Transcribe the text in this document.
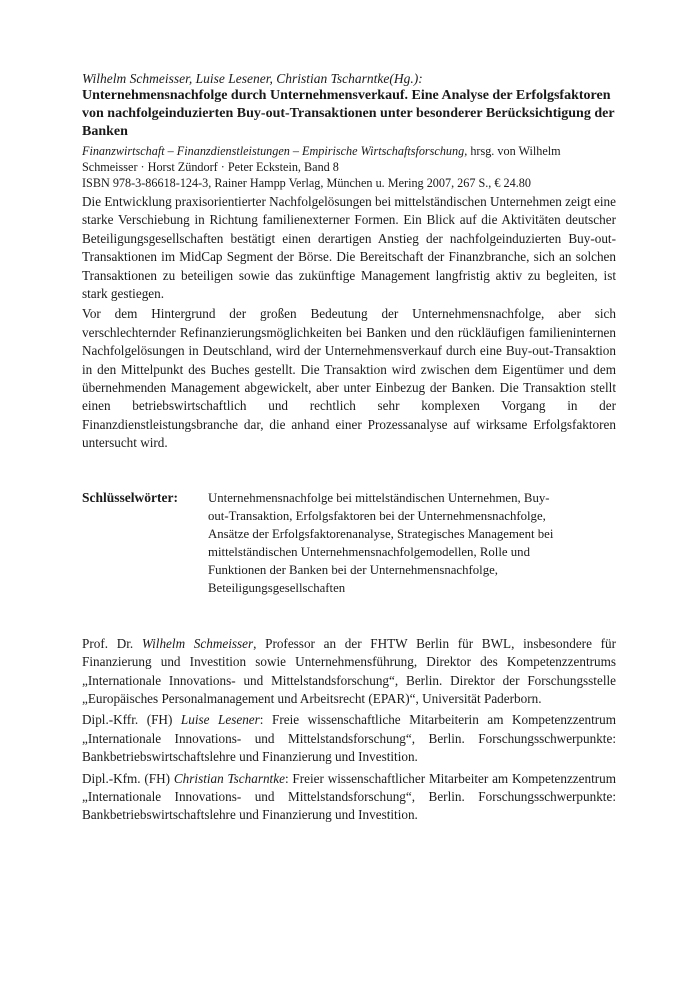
Wilhelm Schmeisser, Luise Lesener, Christian Tscharntke(Hg.):

Unternehmensnachfolge durch Unternehmensverkauf. Eine Analyse der Erfolgsfaktoren von nachfolgeinduzierten Buy-out-Transaktionen unter besonderer Berücksichtigung der Banken

Finanzwirtschaft – Finanzdienstleistungen – Empirische Wirtschaftsforschung, hrsg. von Wilhelm Schmeisser · Horst Zündorf · Peter Eckstein, Band 8
ISBN 978-3-86618-124-3, Rainer Hampp Verlag, München u. Mering 2007, 267 S., € 24.80

Die Entwicklung praxisorientierter Nachfolgelösungen bei mittelständischen Unternehmen zeigt eine starke Verschiebung in Richtung familienexterner Formen. Ein Blick auf die Aktivitäten deutscher Beteiligungsgesellschaften bestätigt einen derartigen Anstieg der nachfolgeinduzierten Buy-out-Transaktionen im MidCap Segment der Börse. Die Bereitschaft der Finanzbranche, sich an solchen Transaktionen zu beteiligen sowie das zukünftige Management langfristig aktiv zu begleiten, ist stark gestiegen.

Vor dem Hintergrund der großen Bedeutung der Unternehmensnachfolge, aber sich verschlechternder Refinanzierungsmöglichkeiten bei Banken und den rückläufigen familieninternen Nachfolgelösungen in Deutschland, wird der Unternehmensverkauf durch eine Buy-out-Transaktion in den Mittelpunkt des Buches gestellt. Die Transaktion wird zwischen dem Eigentümer und dem übernehmenden Management abgewickelt, aber unter Einbezug der Banken. Die Transaktion stellt einen betriebswirtschaftlich und rechtlich sehr komplexen Vorgang in der Finanzdienstleistungsbranche dar, die anhand einer Prozessanalyse auf wirksame Erfolgsfaktoren untersucht wird.

Schlüsselwörter:	Unternehmensnachfolge bei mittelständischen Unternehmen, Buy-out-Transaktion, Erfolgsfaktoren bei der Unternehmensnachfolge, Ansätze der Erfolgsfaktorenanalyse, Strategisches Management bei mittelständischen Unternehmensnachfolgemodellen, Rolle und Funktionen der Banken bei der Unternehmensnachfolge, Beteiligungsgesellschaften

Prof. Dr. Wilhelm Schmeisser, Professor an der FHTW Berlin für BWL, insbesondere für Finanzierung und Investition sowie Unternehmensführung, Direktor des Kompetenzzentrums „Internationale Innovations- und Mittelstandsforschung“, Berlin. Direktor der Forschungsstelle „Europäisches Personalmanagement und Arbeitsrecht (EPAR)“, Universität Paderborn.

Dipl.-Kffr. (FH) Luise Lesener: Freie wissenschaftliche Mitarbeiterin am Kompetenzzentrum „Internationale Innovations- und Mittelstandsforschung“, Berlin. Forschungsschwerpunkte: Bankbetriebswirtschaftslehre und Finanzierung und Investition.

Dipl.-Kfm. (FH) Christian Tscharntke: Freier wissenschaftlicher Mitarbeiter am Kompetenzzentrum „Internationale Innovations- und Mittelstandsforschung“, Berlin. Forschungsschwerpunkte: Bankbetriebswirtschaftslehre und Finanzierung und Investition.
